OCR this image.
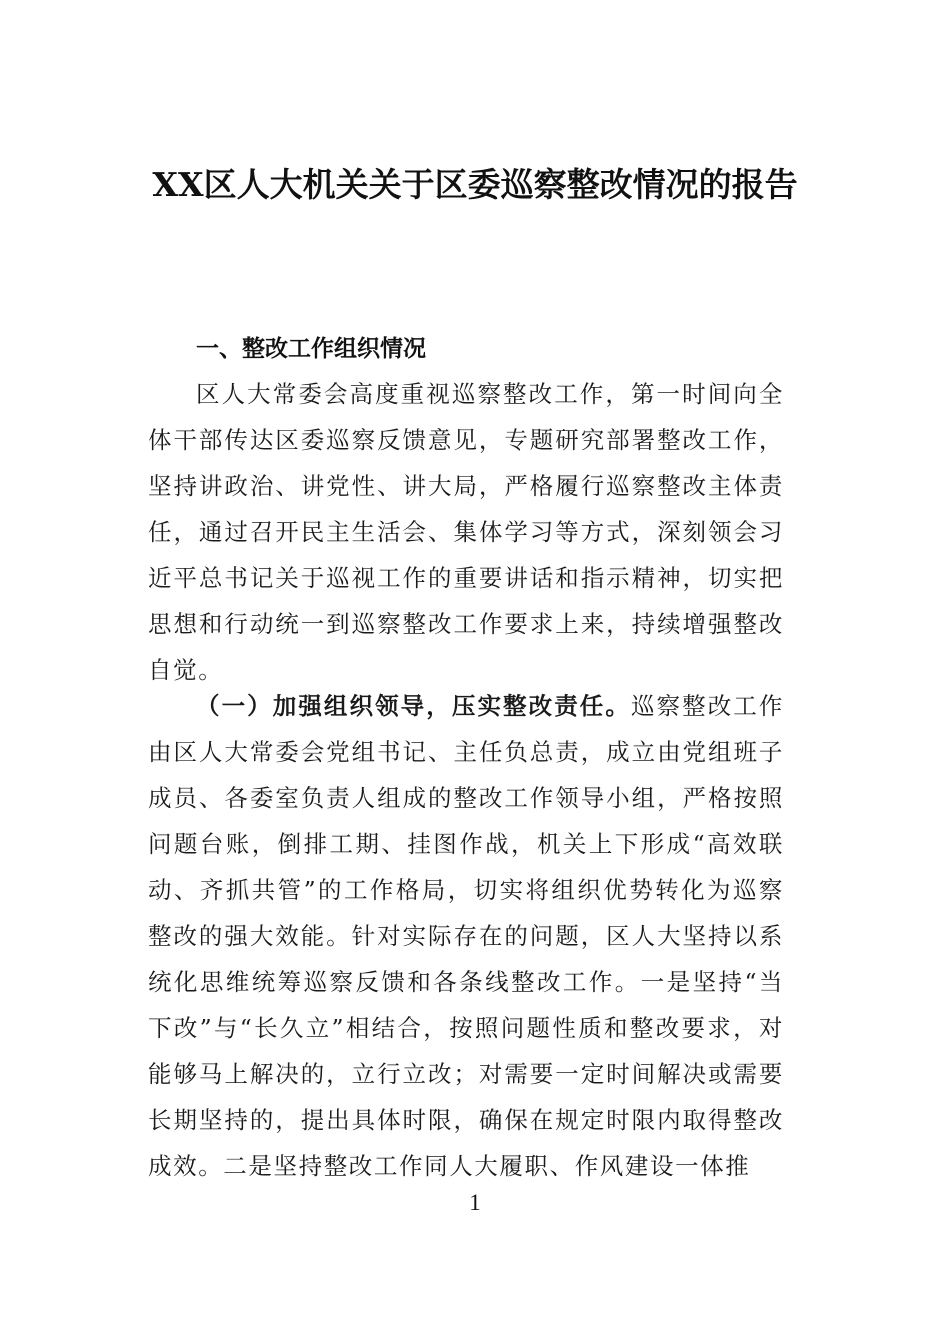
XX区人大机关关于区委巡察整改情况的报告
一、整改工作组织情况

区人大常委会高度重视巡察整改工作，第一时间向全体干部传达区委巡察反馈意见，专题研究部署整改工作，坚持讲政治、讲党性、讲大局，严格履行巡察整改主体责任，通过召开民主生活会、集体学习等方式，深刻领会习近平总书记关于巡视工作的重要讲话和指示精神，切实把思想和行动统一到巡察整改工作要求上来，持续增强整改自觉。

（一）加强组织领导，压实整改责任。巡察整改工作由区人大常委会党组书记、主任负总责，成立由党组班子成员、各委室负责人组成的整改工作领导小组，严格按照问题台账，倒排工期、挂图作战，机关上下形成“高效联动、齐抓共管”的工作格局，切实将组织优势转化为巡察整改的强大效能。针对实际存在的问题，区人大坚持以系统化思维统筹巡察反馈和各条线整改工作。一是坚持“当下改”与“长久立”相结合，按照问题性质和整改要求，对能够马上解决的，立行立改；对需要一定时间解决或需要长期坚持的，提出具体时限，确保在规定时限内取得整改成效。二是坚持整改工作同人大履职、作风建设一体推

1
